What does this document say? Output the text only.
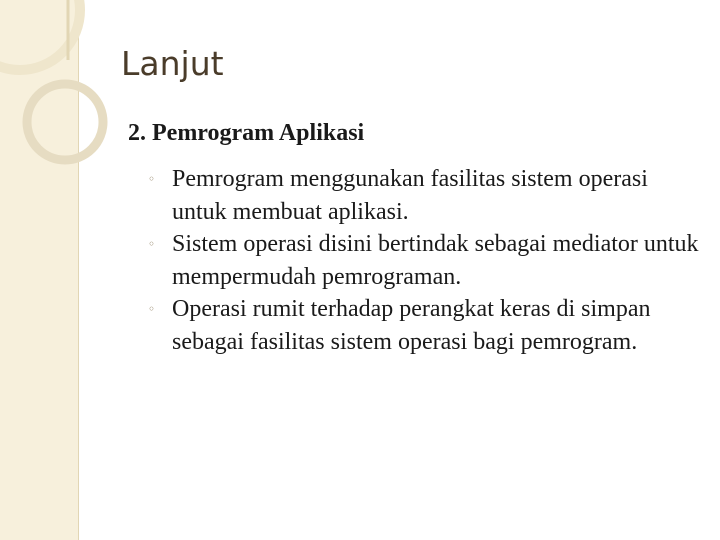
Lanjut
2. Pemrogram Aplikasi
◦ Pemrogram menggunakan fasilitas sistem operasi untuk membuat aplikasi.
◦ Sistem operasi disini bertindak sebagai mediator untuk mempermudah pemrograman.
◦ Operasi rumit terhadap perangkat keras di simpan sebagai fasilitas sistem operasi bagi pemrogram.
